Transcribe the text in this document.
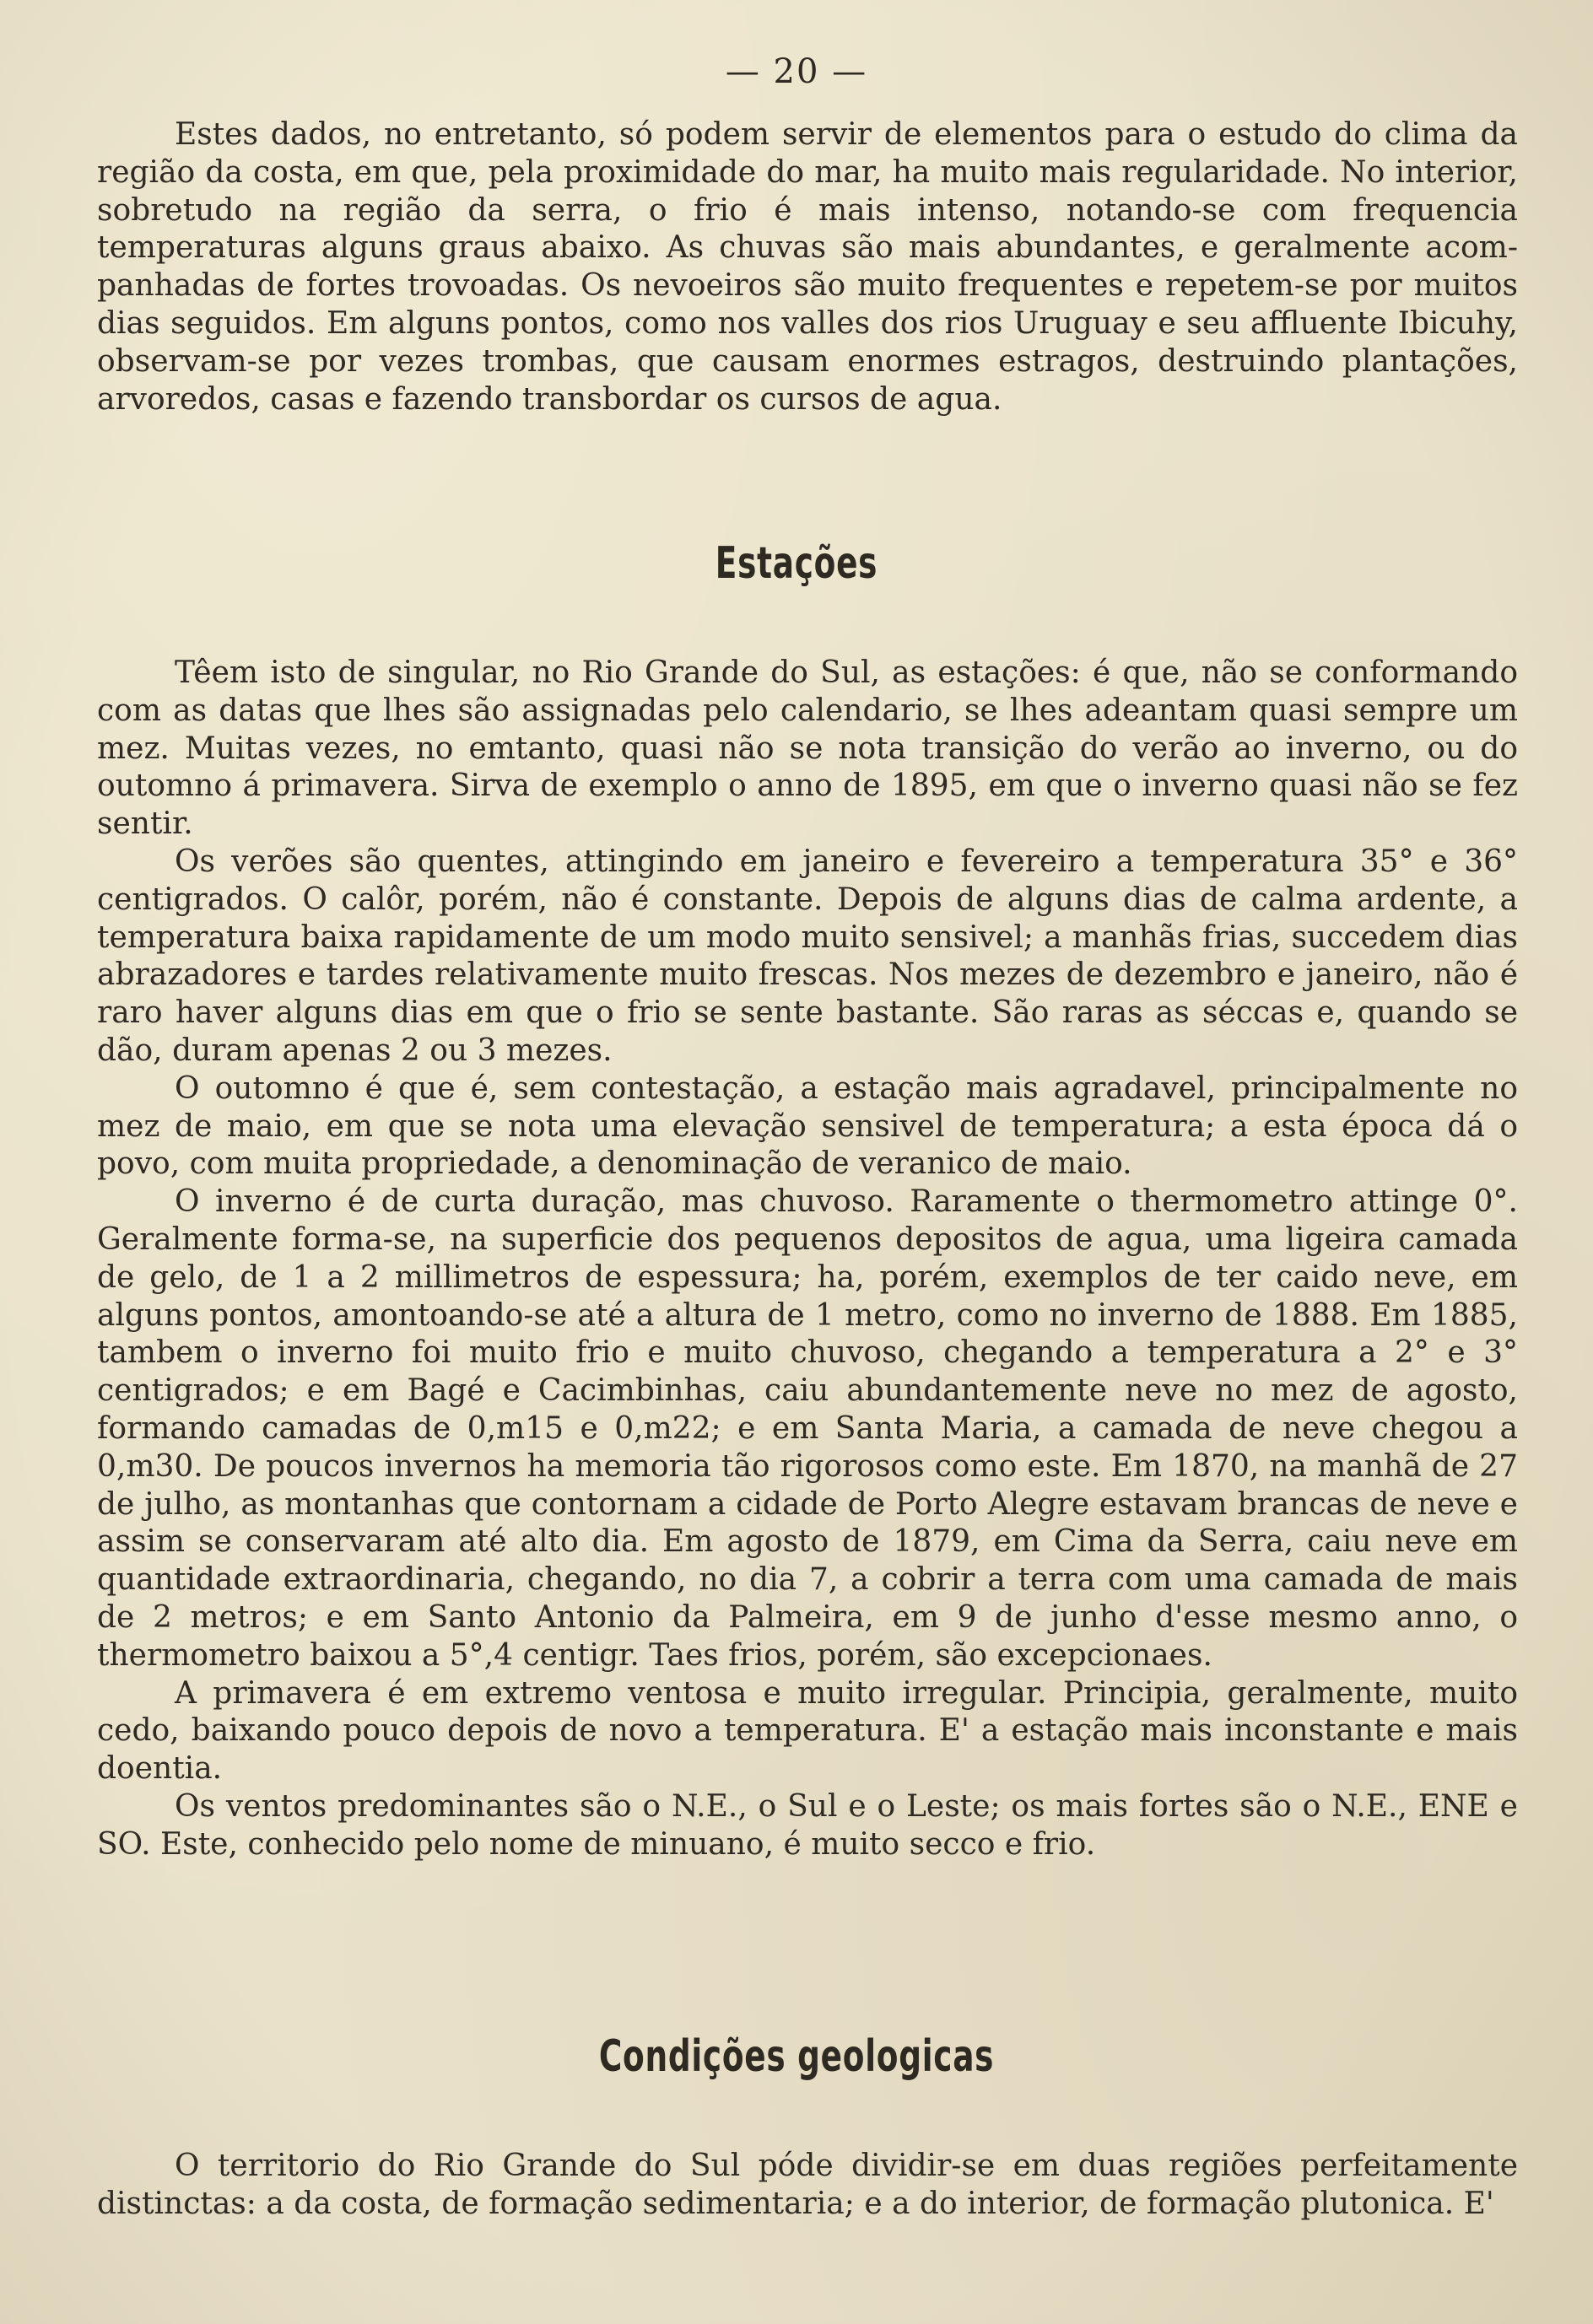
— 20 —

Estes dados, no entretanto, só podem servir de elementos para o estudo do clima da região da costa, em que, pela proximidade do mar, ha muito mais regularidade. No interior, sobretudo na região da serra, o frio é mais intenso, notando-se com frequencia temperaturas alguns graus abaixo. As chuvas são mais abundantes, e geralmente acompanhadas de fortes trovoadas. Os nevoeiros são muito frequentes e repetem-se por muitos dias seguidos. Em alguns pontos, como nos valles dos rios Uruguay e seu affluente Ibicuhy, observam-se por vezes trombas, que causam enormes estragos, destruindo plantações, arvoredos, casas e fazendo transbordar os cursos de agua.

Estações

Têem isto de singular, no Rio Grande do Sul, as estações: é que, não se conformando com as datas que lhes são assignadas pelo calendario, se lhes adeantam quasi sempre um mez. Muitas vezes, no emtanto, quasi não se nota transição do verão ao inverno, ou do outomno á primavera. Sirva de exemplo o anno de 1895, em que o inverno quasi não se fez sentir.

Os verões são quentes, attingindo em janeiro e fevereiro a temperatura 35° e 36° centigrados. O calôr, porém, não é constante. Depois de alguns dias de calma ardente, a temperatura baixa rapidamente de um modo muito sensivel; a manhãs frias, succedem dias abrazadores e tardes relativamente muito frescas. Nos mezes de dezembro e janeiro, não é raro haver alguns dias em que o frio se sente bastante. São raras as séccas e, quando se dão, duram apenas 2 ou 3 mezes.

O outomno é que é, sem contestação, a estação mais agradavel, principalmente no mez de maio, em que se nota uma elevação sensivel de temperatura; a esta época dá o povo, com muita propriedade, a denominação de veranico de maio.

O inverno é de curta duração, mas chuvoso. Raramente o thermometro attinge 0°. Geralmente forma-se, na superficie dos pequenos depositos de agua, uma ligeira camada de gelo, de 1 a 2 millimetros de espessura; ha, porém, exemplos de ter caido neve, em alguns pontos, amontoando-se até a altura de 1 metro, como no inverno de 1888. Em 1885, tambem o inverno foi muito frio e muito chuvoso, chegando a temperatura a 2° e 3° centigrados; e em Bagé e Cacimbinhas, caiu abundantemente neve no mez de agosto, formando camadas de 0,m15 e 0,m22; e em Santa Maria, a camada de neve chegou a 0,m30. De poucos invernos ha memoria tão rigorosos como este. Em 1870, na manhã de 27 de julho, as montanhas que contornam a cidade de Porto Alegre estavam brancas de neve e assim se conservaram até alto dia. Em agosto de 1879, em Cima da Serra, caiu neve em quantidade extraordinaria, chegando, no dia 7, a cobrir a terra com uma camada de mais de 2 metros; e em Santo Antonio da Palmeira, em 9 de junho d'esse mesmo anno, o thermometro baixou a 5°,4 centigr. Taes frios, porém, são excepcionaes.

A primavera é em extremo ventosa e muito irregular. Principia, geralmente, muito cedo, baixando pouco depois de novo a temperatura. E' a estação mais inconstante e mais doentia.

Os ventos predominantes são o N.E., o Sul e o Leste; os mais fortes são o N.E., ENE e SO. Este, conhecido pelo nome de minuano, é muito secco e frio.

Condições geologicas

O territorio do Rio Grande do Sul póde dividir-se em duas regiões perfeitamente distinctas: a da costa, de formação sedimentaria; e a do interior, de formação plutonica. E'
